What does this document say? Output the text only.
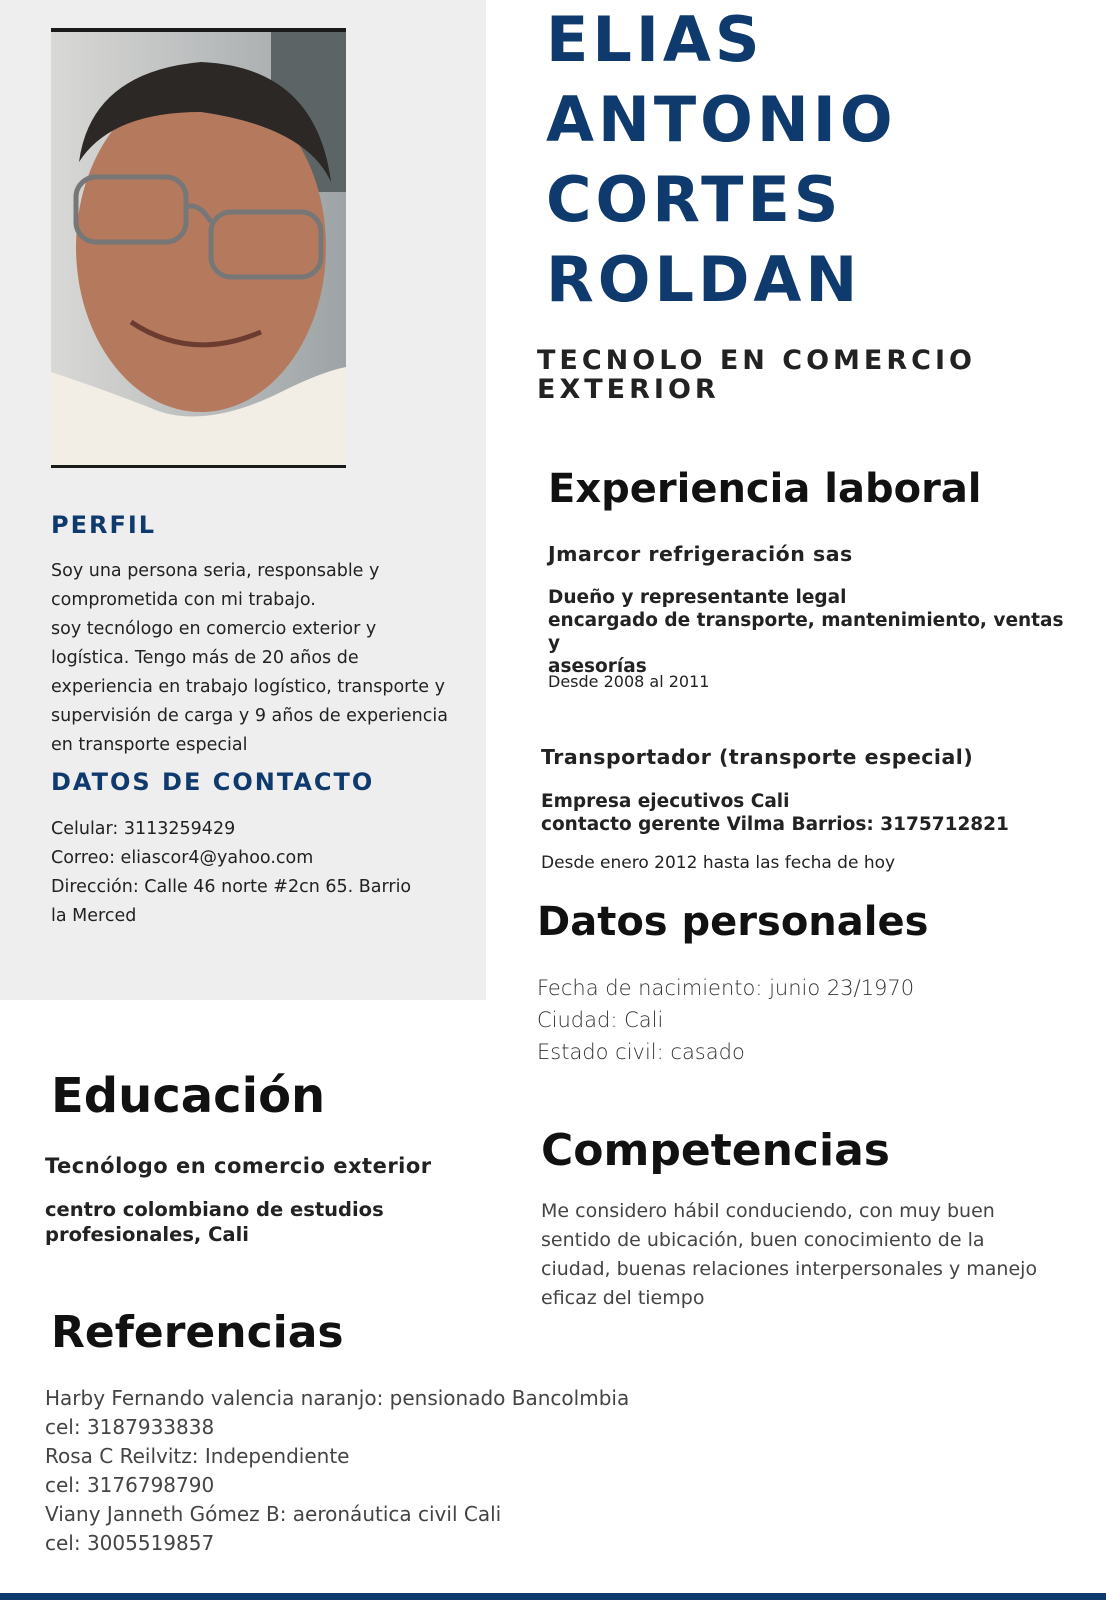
ELIAS
ANTONIO
CORTES
ROLDAN
TECNOLO EN COMERCIO EXTERIOR
PERFIL
Soy una persona seria, responsable y
comprometida con mi trabajo.
soy tecnólogo en comercio exterior y
logística. Tengo más de 20 años de
experiencia en trabajo logístico, transporte y
supervisión de carga y 9 años de experiencia
en transporte especial
DATOS DE CONTACTO
Celular: 3113259429
Correo: eliascor4@yahoo.com
Dirección: Calle 46 norte #2cn 65. Barrio
la Merced
Experiencia laboral
Jmarcor refrigeración sas
Dueño y representante legal
encargado de transporte, mantenimiento, ventas y
asesorías
Desde 2008 al 2011
Transportador (transporte especial)
Empresa ejecutivos Cali
contacto gerente Vilma Barrios: 3175712821
Desde enero 2012 hasta las fecha de hoy
Datos personales
Fecha de nacimiento: junio 23/1970
Ciudad: Cali
Estado civil: casado
Educación
Tecnólogo en comercio exterior
centro colombiano de estudios
profesionales, Cali
Competencias
Me considero hábil conduciendo, con muy buen
sentido de ubicación, buen conocimiento de la
ciudad, buenas relaciones interpersonales y manejo
eficaz del tiempo
Referencias
Harby Fernando valencia naranjo: pensionado Bancolmbia
cel: 3187933838
Rosa C Reilvitz: Independiente
cel: 3176798790
Viany Janneth Gómez B: aeronáutica civil Cali
cel: 3005519857
